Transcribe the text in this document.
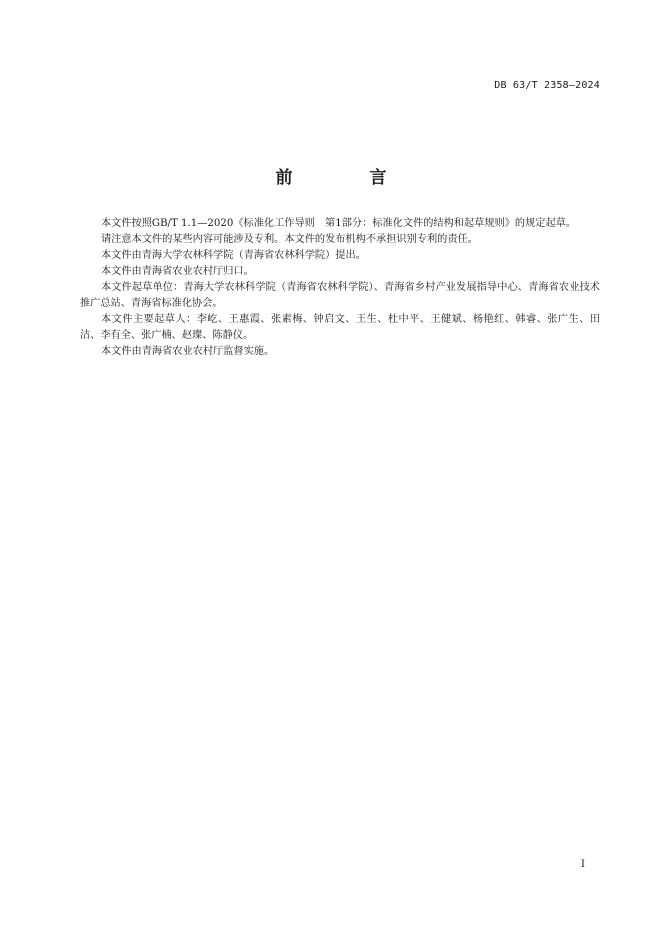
DB 63/T 2358—2024
前　言

本文件按照GB/T 1.1—2020《标准化工作导则　第1部分：标准化文件的结构和起草规则》的规定起草。

请注意本文件的某些内容可能涉及专利。本文件的发布机构不承担识别专利的责任。

本文件由青海大学农林科学院（青海省农林科学院）提出。

本文件由青海省农业农村厅归口。

本文件起草单位：青海大学农林科学院（青海省农林科学院）、青海省乡村产业发展指导中心、青海省农业技术推广总站、青海省标准化协会。

本文件主要起草人：李屹、王惠霞、张素梅、钟启文、王生、杜中平、王健斌、杨艳红、韩睿、张广生、田洁、李有全、张广楠、赵璨、陈静仪。

本文件由青海省农业农村厅监督实施。

I
